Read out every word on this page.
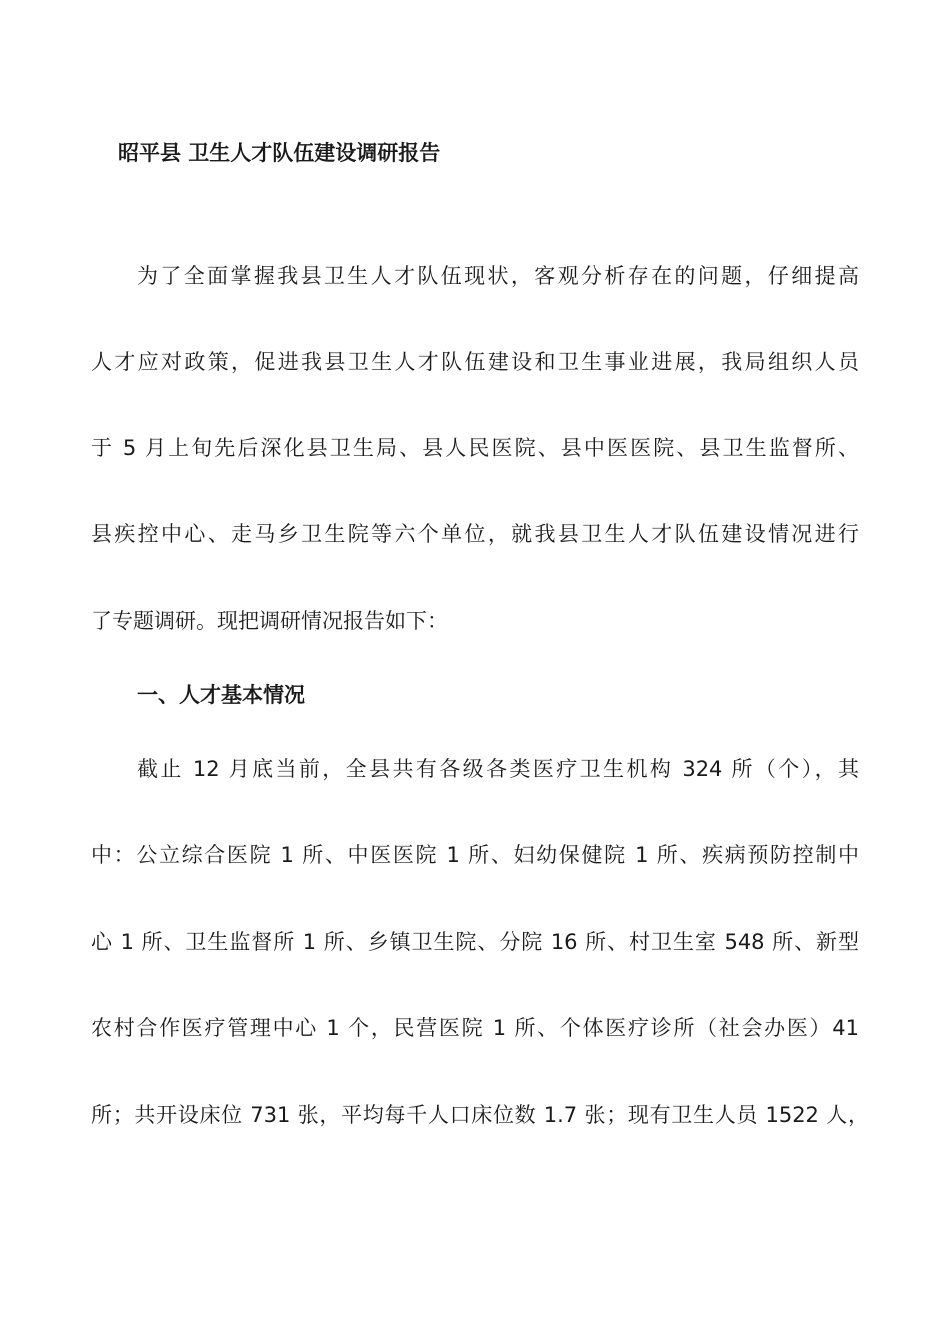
昭平县 卫生人才队伍建设调研报告
为了全面掌握我县卫生人才队伍现状，客观分析存在的问题，仔细提高
人才应对政策，促进我县卫生人才队伍建设和卫生事业进展，我局组织人员
于 5 月上旬先后深化县卫生局、县人民医院、县中医医院、县卫生监督所、
县疾控中心、走马乡卫生院等六个单位，就我县卫生人才队伍建设情况进行
了专题调研。现把调研情况报告如下：
一、人才基本情况
截止 12 月底当前，全县共有各级各类医疗卫生机构 324 所（个），其
中：公立综合医院 1 所、中医医院 1 所、妇幼保健院 1 所、疾病预防控制中
心 1 所、卫生监督所 1 所、乡镇卫生院、分院 16 所、村卫生室 548 所、新型
农村合作医疗管理中心 1 个，民营医院 1 所、个体医疗诊所（社会办医）41
所；共开设床位 731 张，平均每千人口床位数 1.7 张；现有卫生人员 1522 人，
